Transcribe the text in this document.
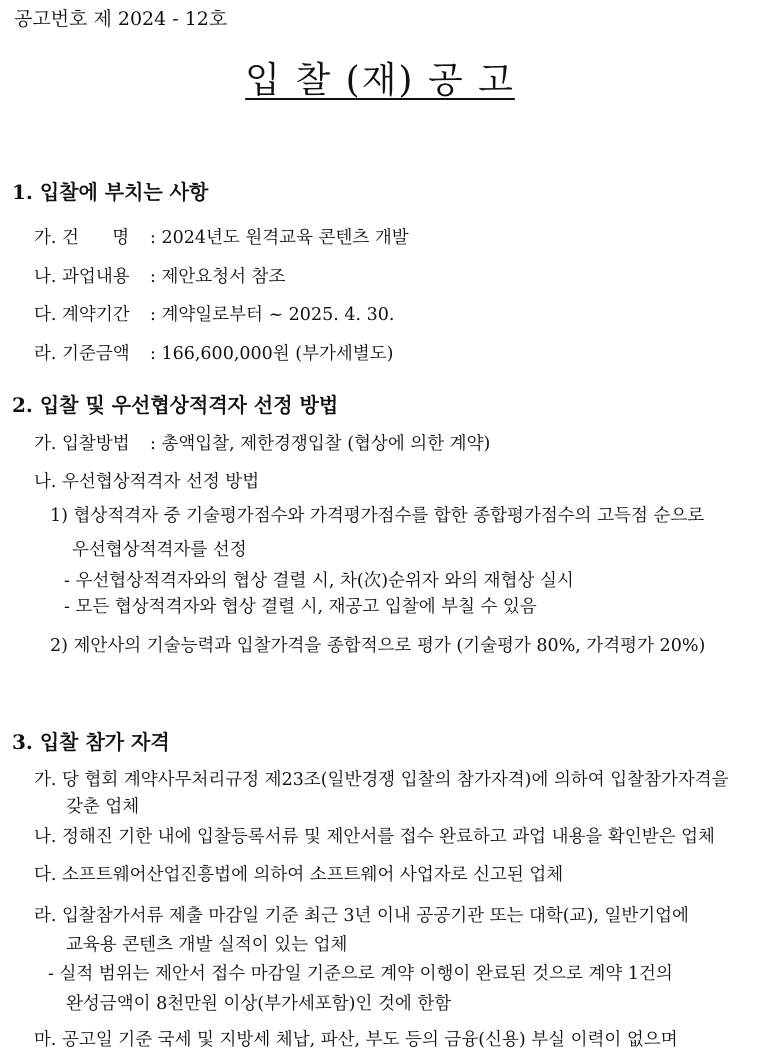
공고번호 제 2024 - 12호
입 찰 (재) 공 고
1. 입찰에 부치는 사항
가. 건      명 : 2024년도 원격교육 콘텐츠 개발
나. 과업내용 : 제안요청서 참조
다. 계약기간 : 계약일로부터 ~ 2025. 4. 30.
라. 기준금액 : 166,600,000원 (부가세별도)
2. 입찰 및 우선협상적격자 선정 방법
가. 입찰방법 : 총액입찰, 제한경쟁입찰 (협상에 의한 계약)
나. 우선협상적격자 선정 방법
1) 협상적격자 중 기술평가점수와 가격평가점수를 합한 종합평가점수의 고득점 순으로
우선협상적격자를 선정
- 우선협상적격자와의 협상 결렬 시, 차(次)순위자 와의 재협상 실시
- 모든 협상적격자와 협상 결렬 시, 재공고 입찰에 부칠 수 있음
2) 제안사의 기술능력과 입찰가격을 종합적으로 평가 (기술평가 80%, 가격평가 20%)
3. 입찰 참가 자격
가. 당 협회 계약사무처리규정 제23조(일반경쟁 입찰의 참가자격)에 의하여 입찰참가자격을
갖춘 업체
나. 정해진 기한 내에 입찰등록서류 및 제안서를 접수 완료하고 과업 내용을 확인받은 업체
다. 소프트웨어산업진흥법에 의하여 소프트웨어 사업자로 신고된 업체
라. 입찰참가서류 제출 마감일 기준 최근 3년 이내 공공기관 또는 대학(교), 일반기업에
교육용 콘텐츠 개발 실적이 있는 업체
- 실적 범위는 제안서 접수 마감일 기준으로 계약 이행이 완료된 것으로 계약 1건의
완성금액이 8천만원 이상(부가세포함)인 것에 한함
마. 공고일 기준 국세 및 지방세 체납, 파산, 부도 등의 금융(신용) 부실 이력이 없으며
